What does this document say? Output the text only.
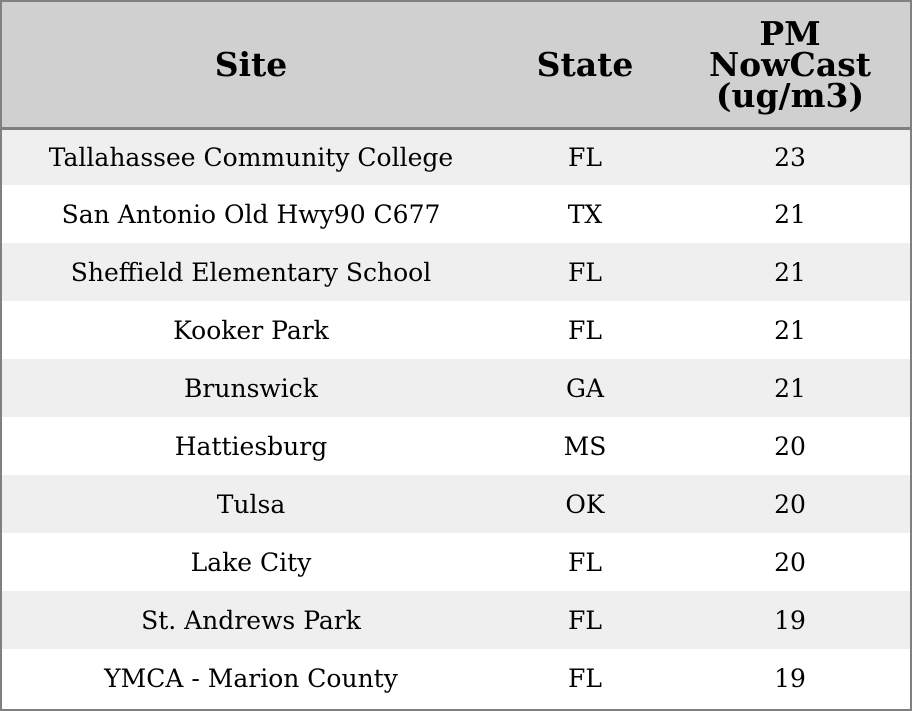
Site	State	PM
NowCast
(ug/m3)

Tallahassee Community College	FL	23
San Antonio Old Hwy90 C677	TX	21
Sheffield Elementary School	FL	21
Kooker Park	FL	21
Brunswick	GA	21
Hattiesburg	MS	20
Tulsa	OK	20
Lake City	FL	20
St. Andrews Park	FL	19
YMCA - Marion County	FL	19
